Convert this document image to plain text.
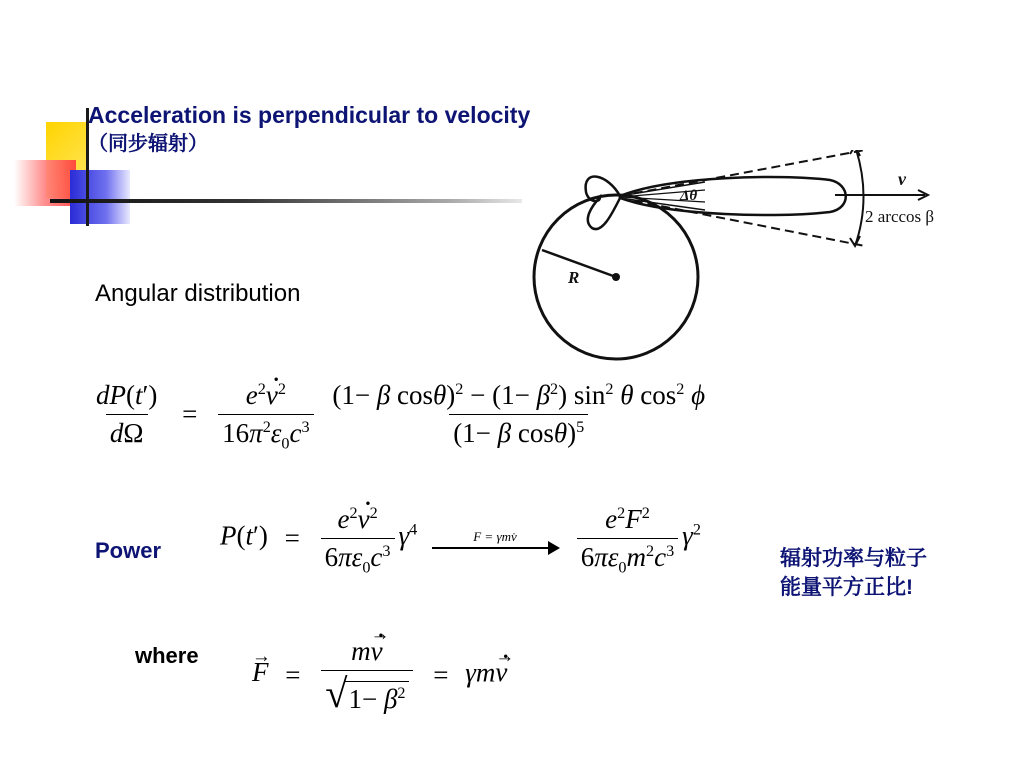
Acceleration is perpendicular to velocity
（同步辐射）
R
Δθ
v
2 arccos β
Angular distribution
$\frac{dP(t')}{d\Omega} = \frac{e^2v \cdot^2}{16\pi^2\varepsilon_0c^3}$
$\frac{(1- \beta \cos\theta)^2 - (1- \beta^2) \sin^2 \theta \cos^2 \phi}{(1- \beta \cos\theta)^5}$
Power $P(t') = \frac{e^2v \cdot^2}{6\pi\varepsilon_0c^3} \gamma^4$	F = γmv̇
$\frac{e^2F^2}{6\pi\varepsilon_0m^2c^3} \gamma^2$
辐射功率与粒子
能量平方正比!
where
→ $F = \frac{m\to v \cdot}{√ 1- \beta^2} = \gamma m\to v$ ·
